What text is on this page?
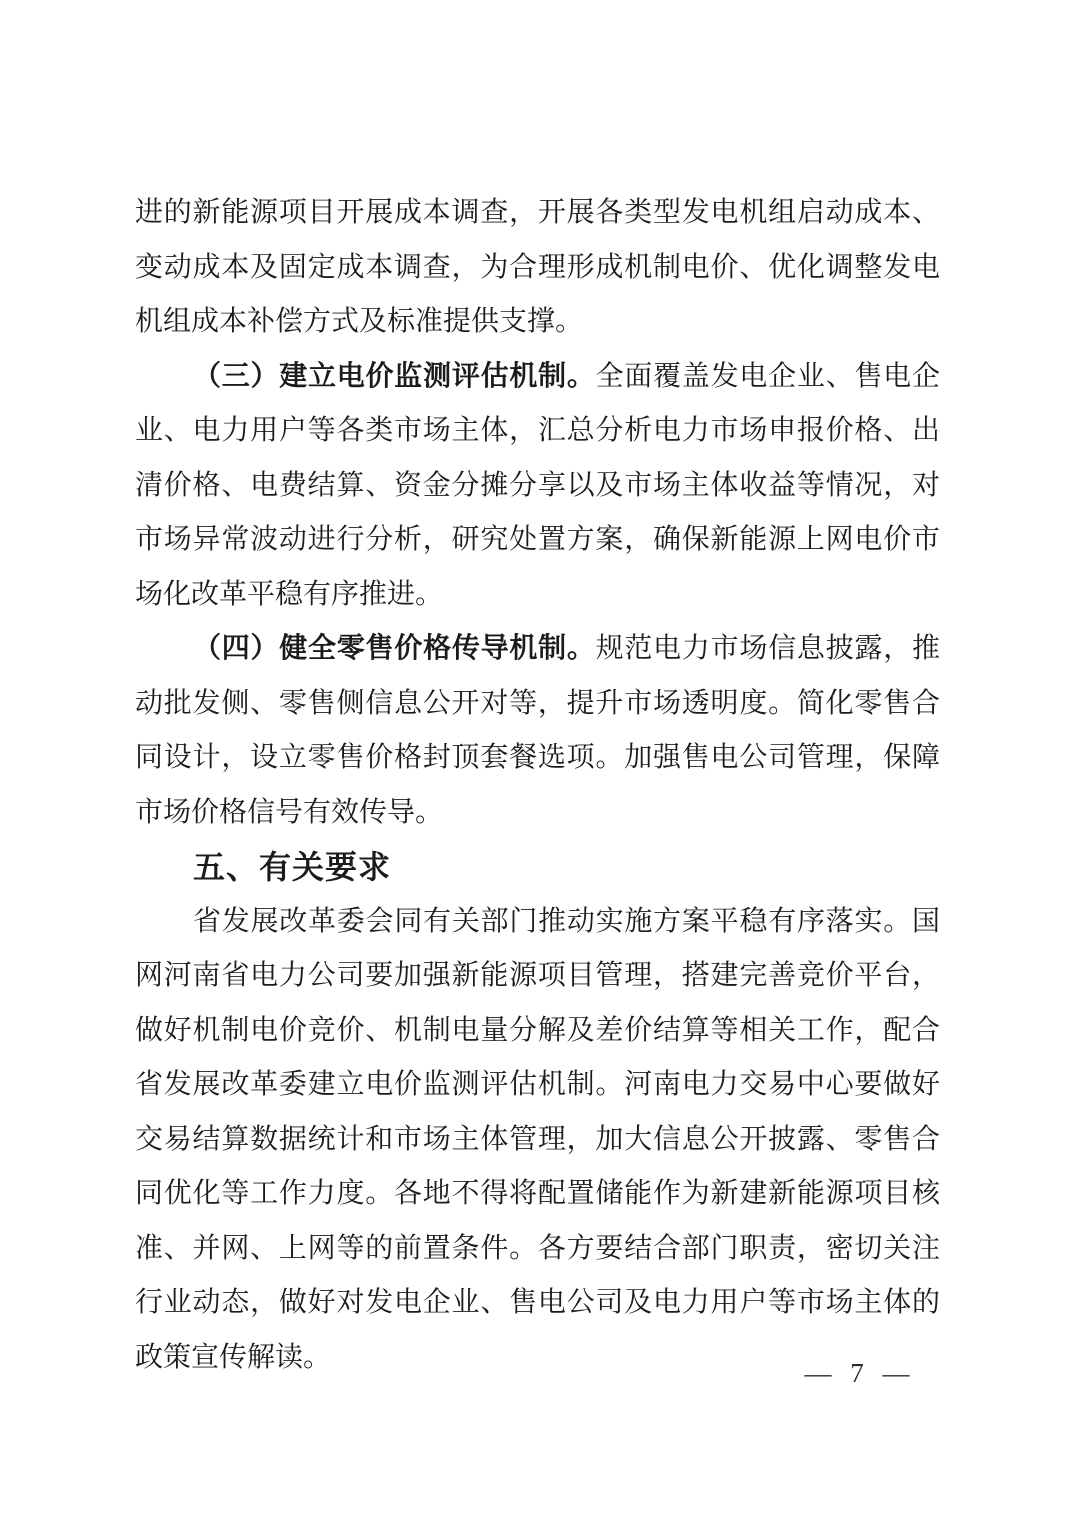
进的新能源项目开展成本调查，开展各类型发电机组启动成本、
变动成本及固定成本调查，为合理形成机制电价、优化调整发电
机组成本补偿方式及标准提供支撑。
（三）建立电价监测评估机制。全面覆盖发电企业、售电企
业、电力用户等各类市场主体，汇总分析电力市场申报价格、出
清价格、电费结算、资金分摊分享以及市场主体收益等情况，对
市场异常波动进行分析，研究处置方案，确保新能源上网电价市
场化改革平稳有序推进。
（四）健全零售价格传导机制。规范电力市场信息披露，推
动批发侧、零售侧信息公开对等，提升市场透明度。简化零售合
同设计，设立零售价格封顶套餐选项。加强售电公司管理，保障
市场价格信号有效传导。
五、有关要求
省发展改革委会同有关部门推动实施方案平稳有序落实。国
网河南省电力公司要加强新能源项目管理，搭建完善竞价平台，
做好机制电价竞价、机制电量分解及差价结算等相关工作，配合
省发展改革委建立电价监测评估机制。河南电力交易中心要做好
交易结算数据统计和市场主体管理，加大信息公开披露、零售合
同优化等工作力度。各地不得将配置储能作为新建新能源项目核
准、并网、上网等的前置条件。各方要结合部门职责，密切关注
行业动态，做好对发电企业、售电公司及电力用户等市场主体的
政策宣传解读。
— 7 —
